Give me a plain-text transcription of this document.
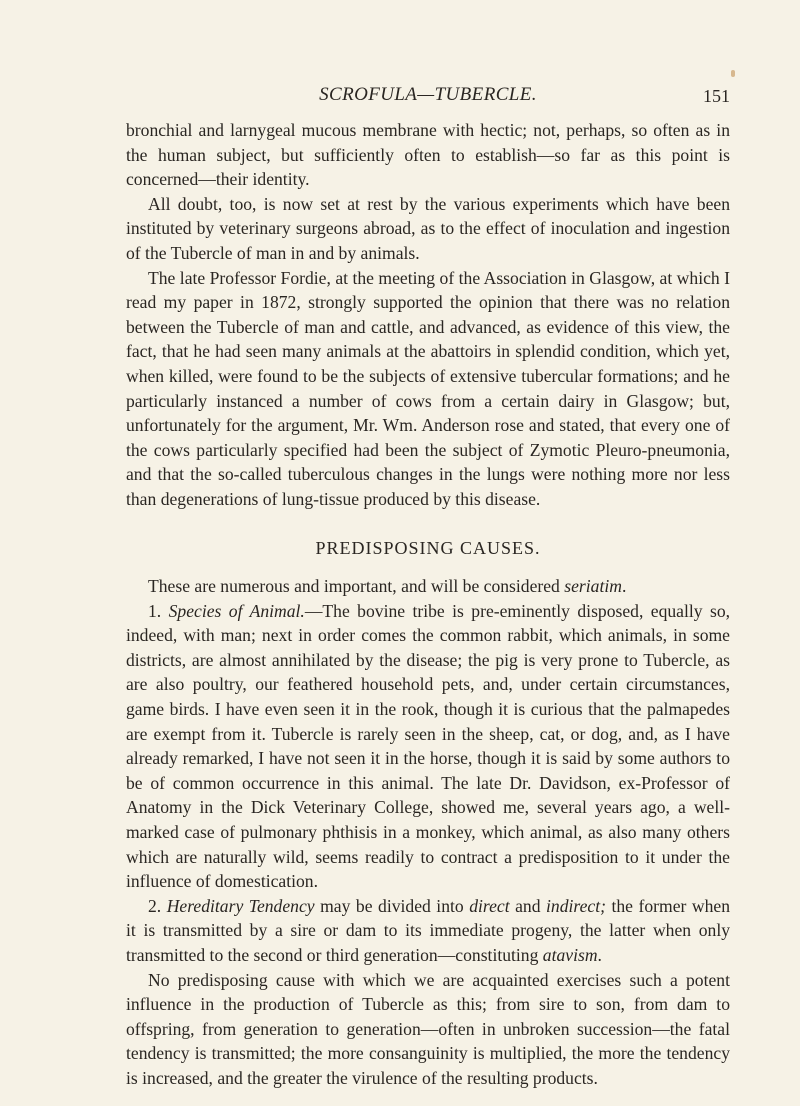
SCROFULA—TUBERCLE.	151

bronchial and larnygeal mucous membrane with hectic; not, perhaps, so often as in the human subject, but sufficiently often to establish—so far as this point is concerned—their identity.

All doubt, too, is now set at rest by the various experiments which have been instituted by veterinary surgeons abroad, as to the effect of inoculation and ingestion of the Tubercle of man in and by animals.

The late Professor Fordie, at the meeting of the Association in Glasgow, at which I read my paper in 1872, strongly supported the opinion that there was no relation between the Tubercle of man and cattle, and advanced, as evidence of this view, the fact, that he had seen many animals at the abattoirs in splendid condition, which yet, when killed, were found to be the subjects of extensive tubercular formations; and he particularly instanced a number of cows from a certain dairy in Glasgow; but, unfortunately for the argument, Mr. Wm. Anderson rose and stated, that every one of the cows particularly specified had been the subject of Zymotic Pleuro-pneumonia, and that the so-called tuberculous changes in the lungs were nothing more nor less than degenerations of lung-tissue produced by this disease.

PREDISPOSING CAUSES.

These are numerous and important, and will be considered seriatim.

1. Species of Animal.—The bovine tribe is pre-eminently disposed, equally so, indeed, with man; next in order comes the common rabbit, which animals, in some districts, are almost annihilated by the disease; the pig is very prone to Tubercle, as are also poultry, our feathered household pets, and, under certain circumstances, game birds. I have even seen it in the rook, though it is curious that the palmapedes are exempt from it. Tubercle is rarely seen in the sheep, cat, or dog, and, as I have already remarked, I have not seen it in the horse, though it is said by some authors to be of common occurrence in this animal. The late Dr. Davidson, ex-Professor of Anatomy in the Dick Veterinary College, showed me, several years ago, a well-marked case of pulmonary phthisis in a monkey, which animal, as also many others which are naturally wild, seems readily to contract a predisposition to it under the influence of domestication.

2. Hereditary Tendency may be divided into direct and indirect; the former when it is transmitted by a sire or dam to its immediate progeny, the latter when only transmitted to the second or third generation—constituting atavism.

No predisposing cause with which we are acquainted exercises such a potent influence in the production of Tubercle as this; from sire to son, from dam to offspring, from generation to generation—often in unbroken succession—the fatal tendency is transmitted; the more consanguinity is multiplied, the more the tendency is increased, and the greater the virulence of the resulting products.
